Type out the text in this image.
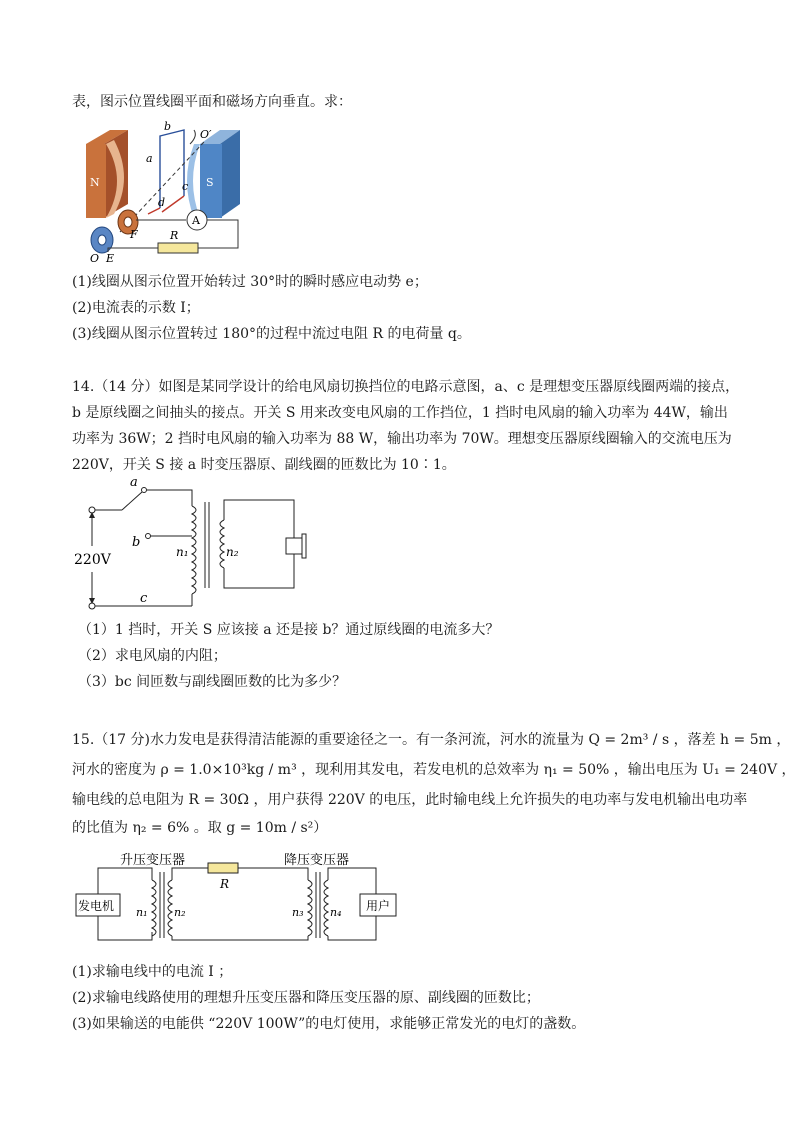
表，图示位置线圈平面和磁场方向垂直。求：
N	S
a
b
c
d
O′
F
O E
A
R
(1)线圈从图示位置开始转过 30°时的瞬时感应电动势 e；
(2)电流表的示数 I；
(3)线圈从图示位置转过 180°的过程中流过电阻 R 的电荷量 q。
14.（14 分）如图是某同学设计的给电风扇切换挡位的电路示意图，a、c 是理想变压器原线圈两端的接点，
b 是原线圈之间抽头的接点。开关 S 用来改变电风扇的工作挡位，1 挡时电风扇的输入功率为 44W，输出
功率为 36W；2 挡时电风扇的输入功率为 88 W，输出功率为 70W。理想变压器原线圈输入的交流电压为
220V，开关 S 接 a 时变压器原、副线圈的匝数比为 10∶1。
220V
a
b
n₁
c
n₂
（1）1 挡时，开关 S 应该接 a 还是接 b？通过原线圈的电流多大？
（2）求电风扇的内阻；
（3）bc 间匝数与副线圈匝数的比为多少？
15.（17 分)水力发电是获得清洁能源的重要途径之一。有一条河流，河水的流量为 Q = 2m³ / s ，落差 h = 5m ，
河水的密度为 ρ = 1.0×10³kg / m³ ，现利用其发电，若发电机的总效率为 η₁ = 50% ，输出电压为 U₁ = 240V ，
输电线的总电阻为 R = 30Ω ，用户获得 220V 的电压，此时输电线上允许损失的电功率与发电机输出电功率
的比值为 η₂ = 6% 。取 g = 10m / s²）
升压变压器	降压变压器
发电机 n₁ n₂
R
n₃ n₄ 用户
(1)求输电线中的电流 I ；
(2)求输电线路使用的理想升压变压器和降压变压器的原、副线圈的匝数比；
(3)如果输送的电能供 “220V 100W”的电灯使用，求能够正常发光的电灯的盏数。
